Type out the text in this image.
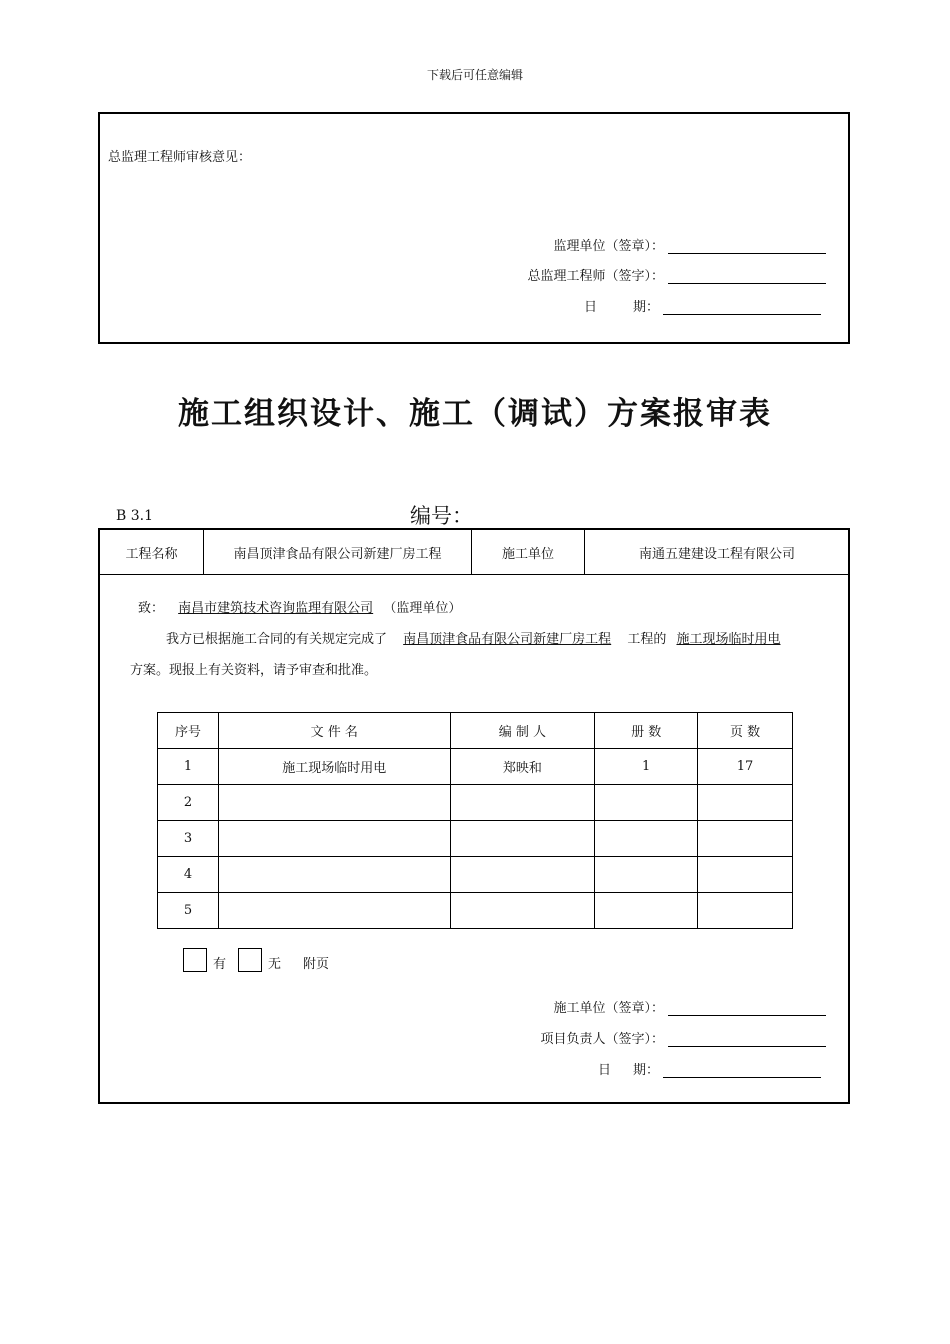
下载后可任意编辑
总监理工程师审核意见：
监理单位（签章）：
总监理工程师（签字）：
日	期：
施工组织设计、施工（调试）方案报审表
B 3.1	编号：
工程名称	南昌顶津食品有限公司新建厂房工程	施工单位	南通五建建设工程有限公司
致： 南昌市建筑技术咨询监理有限公司 （监理单位）
我方已根据施工合同的有关规定完成了 南昌顶津食品有限公司新建厂房工程 工程的 施工现场临时用电
方案。现报上有关资料，请予审查和批准。
序号	文 件 名	编 制 人	册 数	页 数
1	施工现场临时用电	郑映和	1	17
2				
3				
4				
5				
有	无 附页
施工单位（签章）：
项目负责人（签字）：
日 期：
